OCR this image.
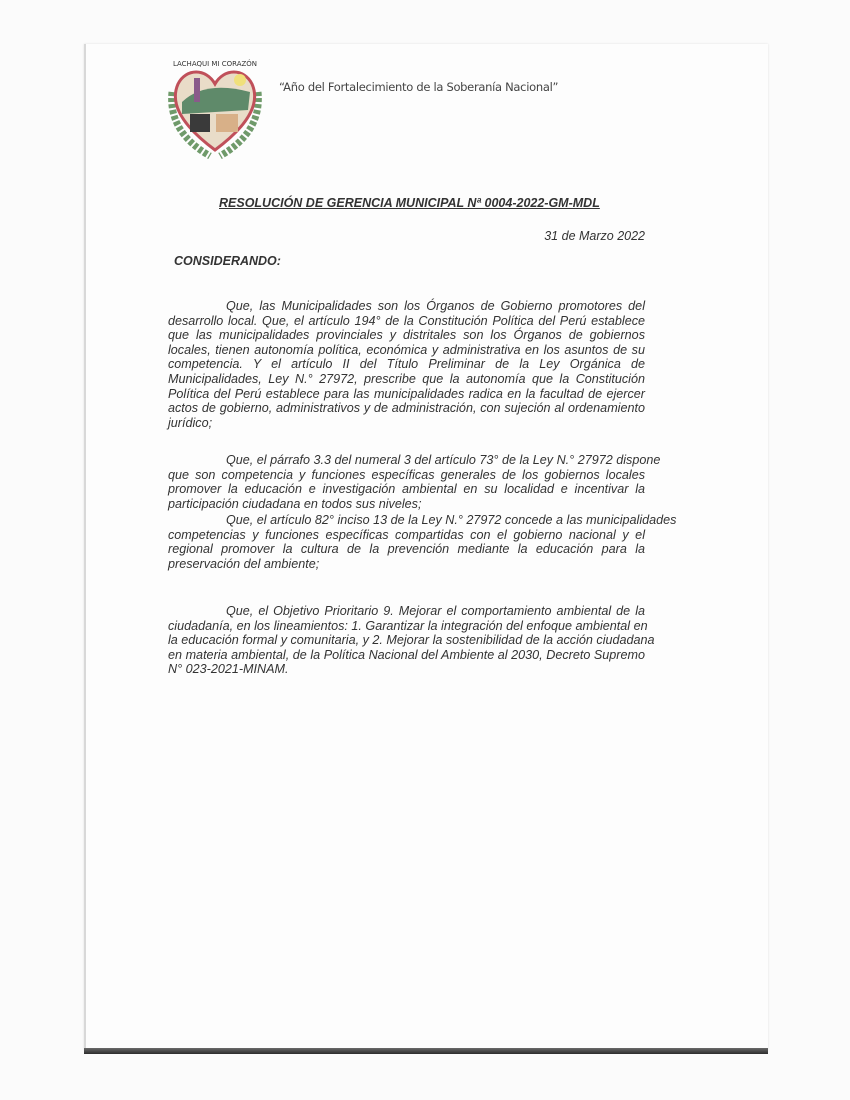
LACHAQUI MI CORAZÓN
“Año del Fortalecimiento de la Soberanía Nacional”
RESOLUCIÓN DE GERENCIA MUNICIPAL Nª 0004-2022-GM-MDL
31 de Marzo 2022
CONSIDERANDO:
Que, las Municipalidades son los Órganos de Gobierno promotores del
desarrollo local. Que, el artículo 194° de la Constitución Política del Perú establece
que las municipalidades provinciales y distritales son los Órganos de gobiernos
locales, tienen autonomía política, económica y administrativa en los asuntos de su
competencia. Y el artículo II del Título Preliminar de la Ley Orgánica de
Municipalidades, Ley N.° 27972, prescribe que la autonomía que la Constitución
Política del Perú establece para las municipalidades radica en la facultad de ejercer
actos de gobierno, administrativos y de administración, con sujeción al ordenamiento
jurídico;
Que, el párrafo 3.3 del numeral 3 del artículo 73° de la Ley N.° 27972 dispone
que son competencia y funciones específicas generales de los gobiernos locales
promover la educación e investigación ambiental en su localidad e incentivar la
participación ciudadana en todos sus niveles;
Que, el artículo 82° inciso 13 de la Ley N.° 27972 concede a las municipalidades
competencias y funciones específicas compartidas con el gobierno nacional y el
regional promover la cultura de la prevención mediante la educación para la
preservación del ambiente;
Que, el Objetivo Prioritario 9. Mejorar el comportamiento ambiental de la
ciudadanía, en los lineamientos: 1. Garantizar la integración del enfoque ambiental en
la educación formal y comunitaria, y 2. Mejorar la sostenibilidad de la acción ciudadana
en materia ambiental, de la Política Nacional del Ambiente al 2030, Decreto Supremo
N° 023-2021-MINAM.
